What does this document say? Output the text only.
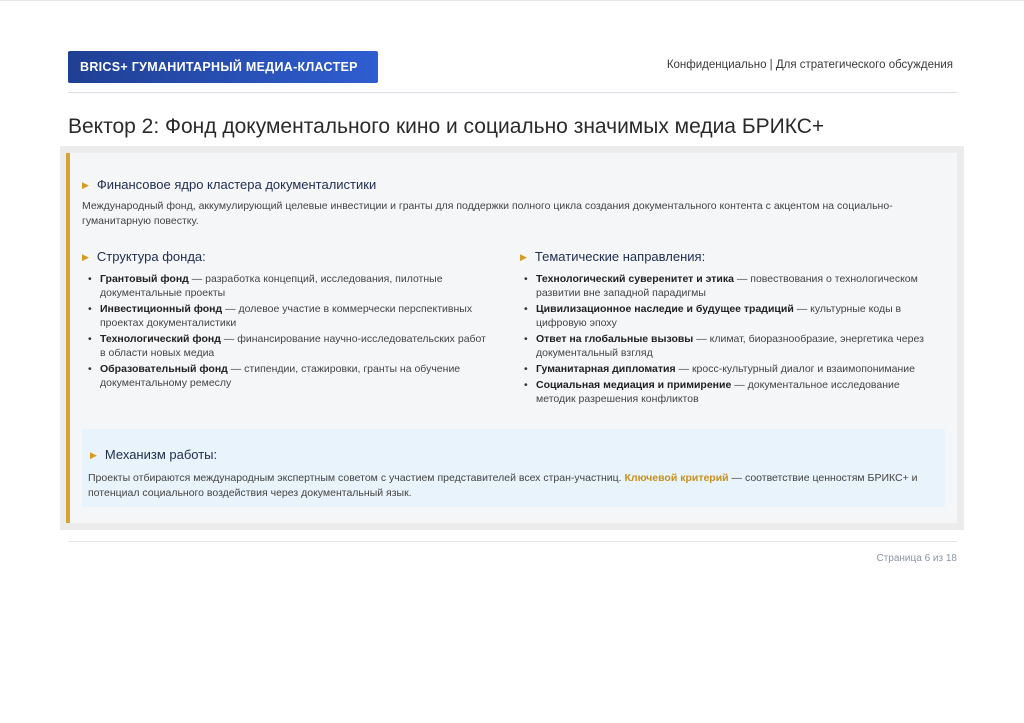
BRICS+ ГУМАНИТАРНЫЙ МЕДИА-КЛАСТЕР	Конфиденциально | Для стратегического обсуждения
Вектор 2: Фонд документального кино и социально значимых медиа БРИКС+
▶ Финансовое ядро кластера документалистики
Международный фонд, аккумулирующий целевые инвестиции и гранты для поддержки полного цикла создания документального контента с акцентом на социально-гуманитарную повестку.
▶ Структура фонда:
• Грантовый фонд — разработка концепций, исследования, пилотные документальные проекты
• Инвестиционный фонд — долевое участие в коммерчески перспективных проектах документалистики
• Технологический фонд — финансирование научно-исследовательских работ в области новых медиа
• Образовательный фонд — стипендии, стажировки, гранты на обучение документальному ремеслу
▶ Тематические направления:
• Технологический суверенитет и этика — повествования о технологическом развитии вне западной парадигмы
• Цивилизационное наследие и будущее традиций — культурные коды в цифровую эпоху
• Ответ на глобальные вызовы — климат, биоразнообразие, энергетика через документальный взгляд
• Гуманитарная дипломатия — кросс-культурный диалог и взаимопонимание
• Социальная медиация и примирение — документальное исследование методик разрешения конфликтов
▶ Механизм работы:
Проекты отбираются международным экспертным советом с участием представителей всех стран-участниц. Ключевой критерий — соответствие ценностям БРИКС+ и потенциал социального воздействия через документальный язык.
Страница 6 из 18
